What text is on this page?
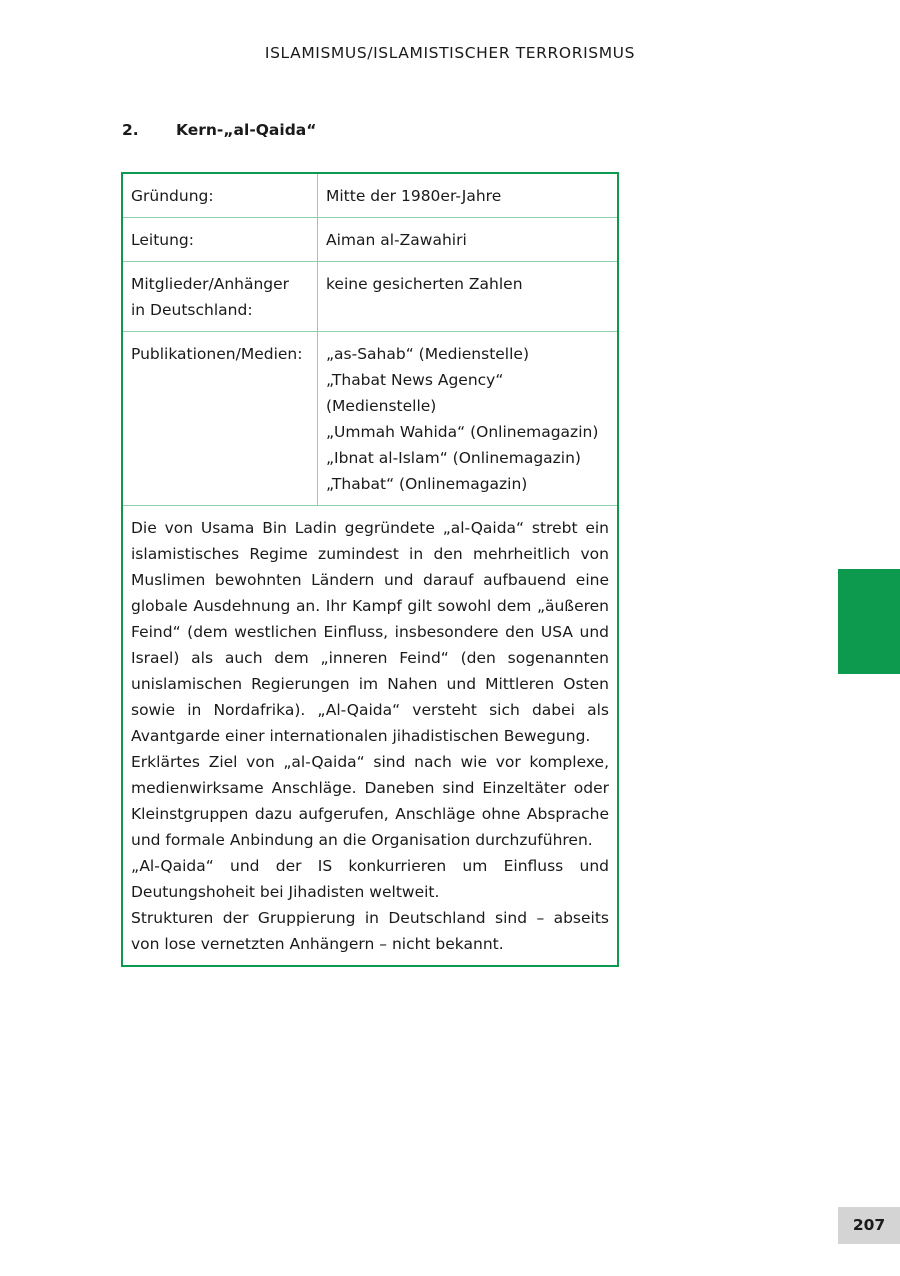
ISLAMISMUS/ISLAMISTISCHER TERRORISMUS
2. Kern-„al-Qaida“
Gründung:	Mitte der 1980er-Jahre

Leitung:	Aiman al-Zawahiri

Mitglieder/Anhänger
in Deutschland:	keine gesicherten Zahlen

Publikationen/Medien:	„as-Sahab“ (Medienstelle)
„Thabat News Agency“ (Medienstelle)
„Ummah Wahida“ (Onlinemagazin)
„Ibnat al-Islam“ (Onlinemagazin)
„Thabat“ (Onlinemagazin)

Die von Usama Bin Ladin gegründete „al-Qaida“ strebt ein islamistisches Regime zumindest in den mehrheitlich von Muslimen bewohnten Ländern und darauf aufbauend eine globale Ausdehnung an. Ihr Kampf gilt sowohl dem „äußeren Feind“ (dem westlichen Einfluss, insbesondere den USA und Israel) als auch dem „inneren Feind“ (den sogenannten unislamischen Regierungen im Nahen und Mittleren Osten sowie in Nordafrika). „Al-Qaida“ versteht sich dabei als Avantgarde einer internationalen jihadistischen Bewegung.

Erklärtes Ziel von „al-Qaida“ sind nach wie vor komplexe, medienwirksame Anschläge. Daneben sind Einzeltäter oder Kleinstgruppen dazu aufgerufen, Anschläge ohne Absprache und formale Anbindung an die Organisation durchzuführen.

„Al-Qaida“ und der IS konkurrieren um Einfluss und Deutungshoheit bei Jihadisten weltweit.

Strukturen der Gruppierung in Deutschland sind – abseits von lose vernetzten Anhängern – nicht bekannt.

207
